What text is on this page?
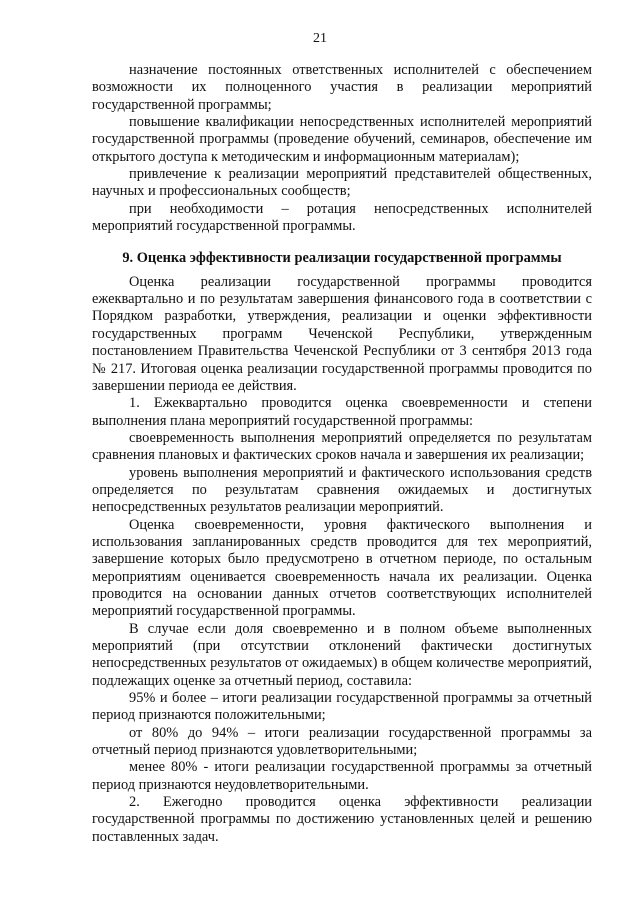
21

назначение постоянных ответственных исполнителей с обеспечением возможности их полноценного участия в реализации мероприятий государственной программы;

повышение квалификации непосредственных исполнителей мероприятий государственной программы (проведение обучений, семинаров, обеспечение им открытого доступа к методическим и информационным материалам);

привлечение к реализации мероприятий представителей общественных, научных и профессиональных сообществ;

при необходимости – ротация непосредственных исполнителей мероприятий государственной программы.

9. Оценка эффективности реализации государственной программы

Оценка реализации государственной программы проводится ежеквартально и по результатам завершения финансового года в соответствии с Порядком разработки, утверждения, реализации и оценки эффективности государственных программ Чеченской Республики, утвержденным постановлением Правительства Чеченской Республики от 3 сентября 2013 года № 217. Итоговая оценка реализации государственной программы проводится по завершении периода ее действия.

1. Ежеквартально проводится оценка своевременности и степени выполнения плана мероприятий государственной программы:

своевременность выполнения мероприятий определяется по результатам сравнения плановых и фактических сроков начала и завершения их реализации;

уровень выполнения мероприятий и фактического использования средств определяется по результатам сравнения ожидаемых и достигнутых непосредственных результатов реализации мероприятий.

Оценка своевременности, уровня фактического выполнения и использования запланированных средств проводится для тех мероприятий, завершение которых было предусмотрено в отчетном периоде, по остальным мероприятиям оценивается своевременность начала их реализации. Оценка проводится на основании данных отчетов соответствующих исполнителей мероприятий государственной программы.

В случае если доля своевременно и в полном объеме выполненных мероприятий (при отсутствии отклонений фактически достигнутых непосредственных результатов от ожидаемых) в общем количестве мероприятий, подлежащих оценке за отчетный период, составила:

95% и более – итоги реализации государственной программы за отчетный период признаются положительными;

от 80% до 94% – итоги реализации государственной программы за отчетный период признаются удовлетворительными;

менее 80% - итоги реализации государственной программы за отчетный период признаются неудовлетворительными.

2. Ежегодно проводится оценка эффективности реализации государственной программы по достижению установленных целей и решению поставленных задач.
